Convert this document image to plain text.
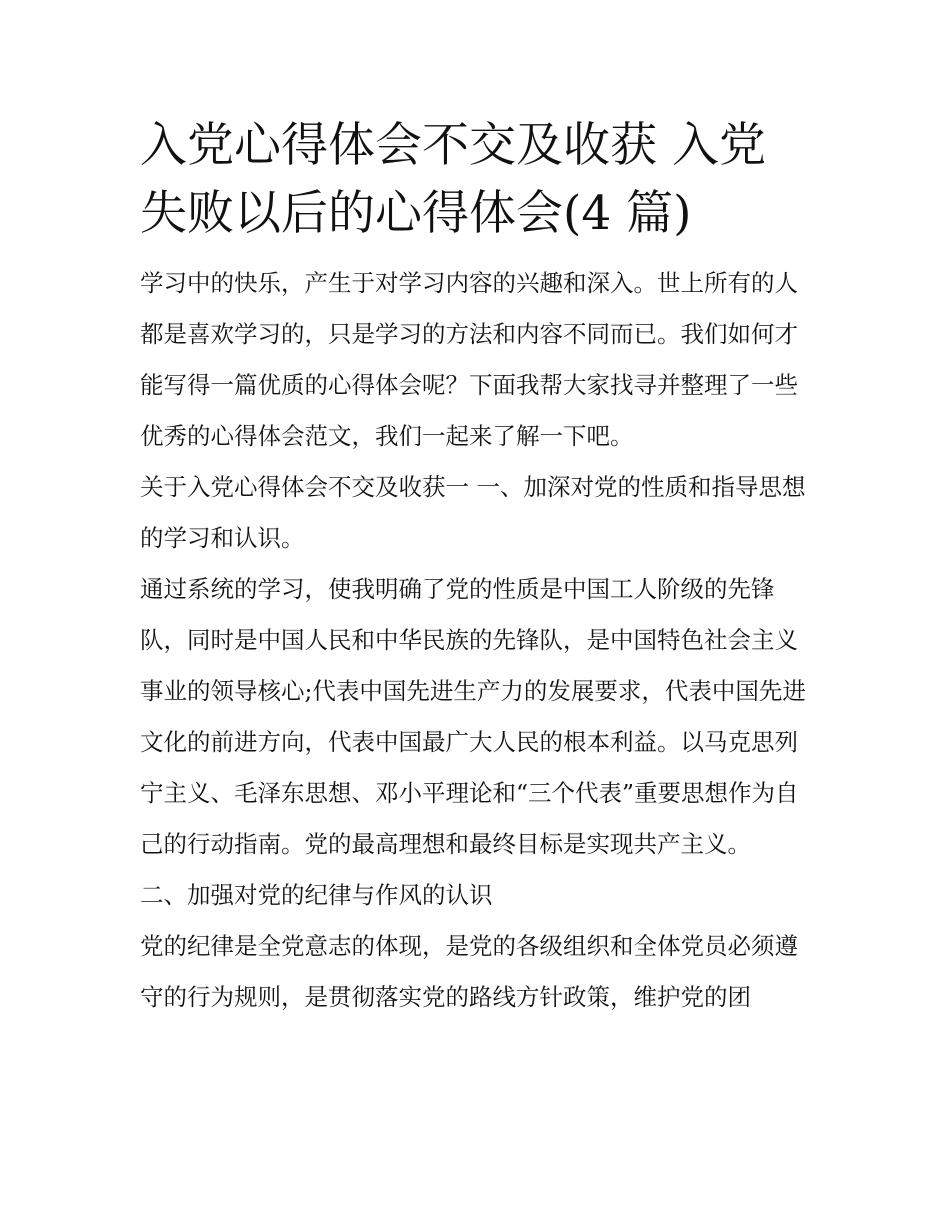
入党心得体会不交及收获 入党失败以后的心得体会(4 篇)

学习中的快乐，产生于对学习内容的兴趣和深入。世上所有的人都是喜欢学习的，只是学习的方法和内容不同而已。我们如何才能写得一篇优质的心得体会呢？下面我帮大家找寻并整理了一些优秀的心得体会范文，我们一起来了解一下吧。

关于入党心得体会不交及收获一 一、加深对党的性质和指导思想的学习和认识。

通过系统的学习，使我明确了党的性质是中国工人阶级的先锋队，同时是中国人民和中华民族的先锋队，是中国特色社会主义事业的领导核心;代表中国先进生产力的发展要求，代表中国先进文化的前进方向，代表中国最广大人民的根本利益。以马克思列宁主义、毛泽东思想、邓小平理论和“三个代表”重要思想作为自己的行动指南。党的最高理想和最终目标是实现共产主义。

二、加强对党的纪律与作风的认识

党的纪律是全党意志的体现，是党的各级组织和全体党员必须遵守的行为规则，是贯彻落实党的路线方针政策，维护党的团
